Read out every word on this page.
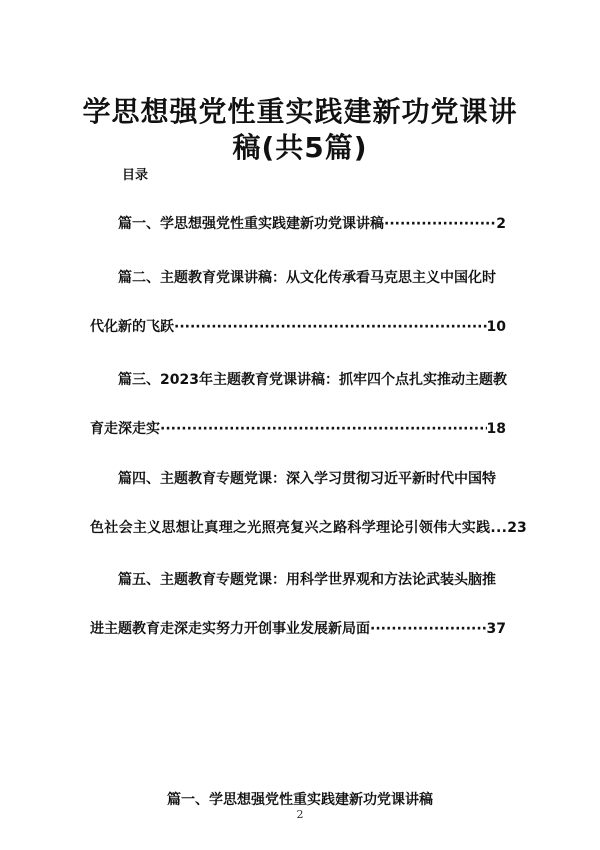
学思想强党性重实践建新功党课讲
稿(共5篇)
目录
篇一、学思想强党性重实践建新功党课讲稿 ·····	2
篇二、主题教育党课讲稿：从文化传承看马克思主义中国化时
代化新的飞跃 ·····	10
篇三、2023年主题教育党课讲稿：抓牢四个点扎实推动主题教
育走深走实 ·····	18
篇四、主题教育专题党课：深入学习贯彻习近平新时代中国特
色社会主义思想让真理之光照亮复兴之路科学理论引领伟大实践... 23
篇五、主题教育专题党课：用科学世界观和方法论武装头脑推
进主题教育走深走实努力开创事业发展新局面 ·····	37
篇一、学思想强党性重实践建新功党课讲稿
2
